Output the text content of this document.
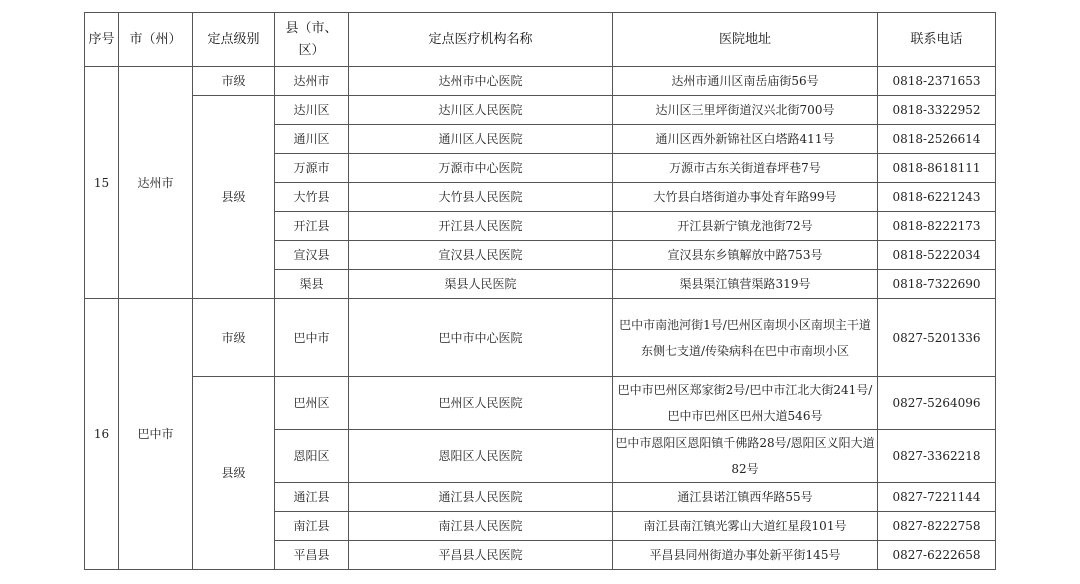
序号	市（州）	定点级别	县（市、区）	定点医疗机构名称	医院地址	联系电话
15	达州市	市级	达州市	达州市中心医院	达州市通川区南岳庙街56号	0818-2371653
		县级	达川区	达川区人民医院	达川区三里坪街道汉兴北街700号	0818-3322952
			通川区	通川区人民医院	通川区西外新锦社区白塔路411号	0818-2526614
			万源市	万源市中心医院	万源市古东关街道春坪巷7号	0818-8618111
			大竹县	大竹县人民医院	大竹县白塔街道办事处育年路99号	0818-6221243
			开江县	开江县人民医院	开江县新宁镇龙池街72号	0818-8222173
			宣汉县	宣汉县人民医院	宣汉县东乡镇解放中路753号	0818-5222034
			渠县	渠县人民医院	渠县渠江镇营渠路319号	0818-7322690
16	巴中市	市级	巴中市	巴中市中心医院	巴中市南池河街1号/巴州区南坝小区南坝主干道东侧七支道/传染病科在巴中市南坝小区	0827-5201336
		县级	巴州区	巴州区人民医院	巴中市巴州区郑家街2号/巴中市江北大街241号/巴中市巴州区巴州大道546号	0827-5264096
			恩阳区	恩阳区人民医院	巴中市恩阳区恩阳镇千佛路28号/恩阳区义阳大道82号	0827-3362218
			通江县	通江县人民医院	通江县诺江镇西华路55号	0827-7221144
			南江县	南江县人民医院	南江县南江镇光雾山大道红星段101号	0827-8222758
			平昌县	平昌县人民医院	平昌县同州街道办事处新平街145号	0827-6222658
